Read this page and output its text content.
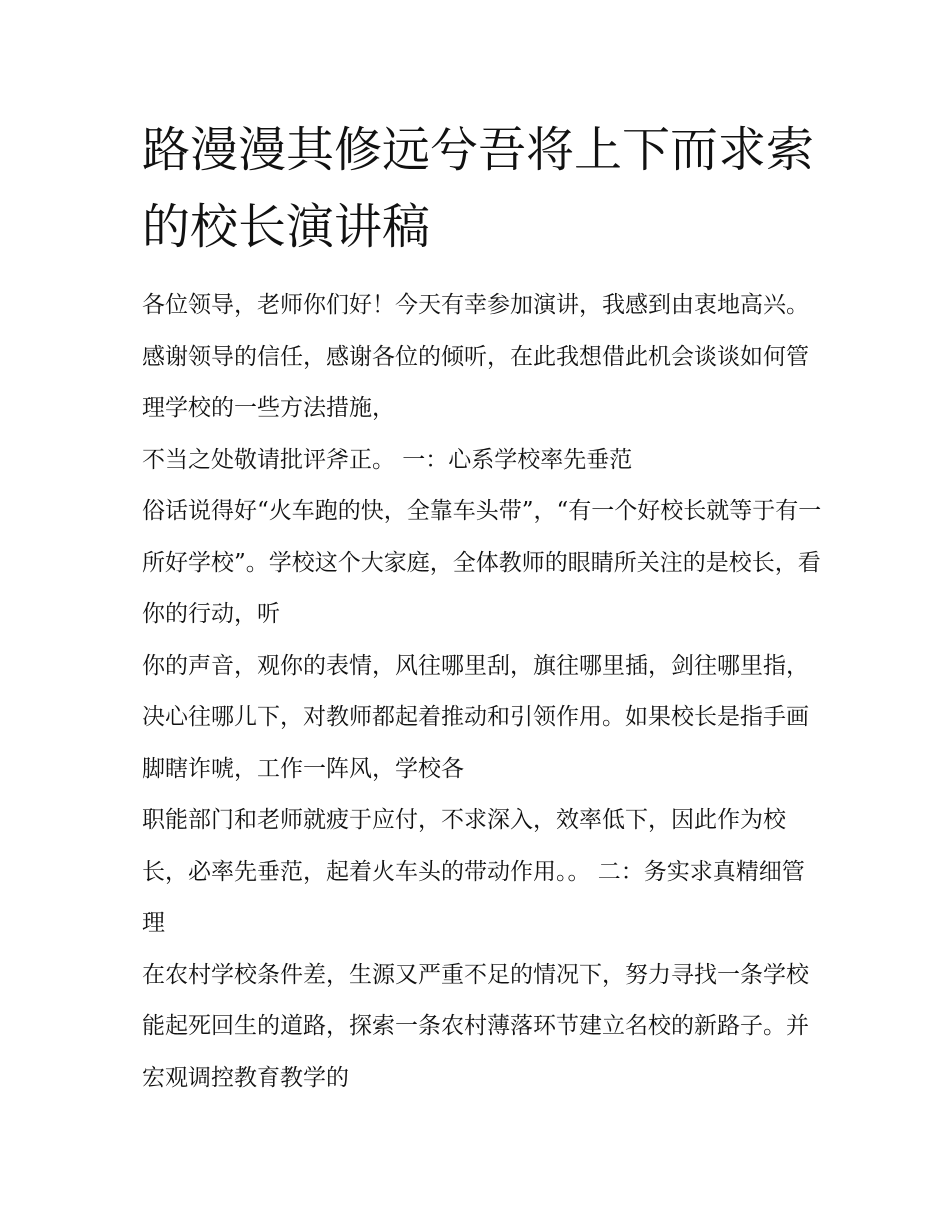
路漫漫其修远兮吾将上下而求索的校长演讲稿

各位领导，老师你们好！今天有幸参加演讲，我感到由衷地高兴。感谢领导的信任，感谢各位的倾听，在此我想借此机会谈谈如何管理学校的一些方法措施，

不当之处敬请批评斧正。 一：心系学校率先垂范

俗话说得好“火车跑的快，全靠车头带”，“有一个好校长就等于有一所好学校”。学校这个大家庭，全体教师的眼睛所关注的是校长，看你的行动，听

你的声音，观你的表情，风往哪里刮，旗往哪里插，剑往哪里指，决心往哪儿下，对教师都起着推动和引领作用。如果校长是指手画脚瞎诈唬，工作一阵风，学校各

职能部门和老师就疲于应付，不求深入，效率低下，因此作为校长，必率先垂范，起着火车头的带动作用。。 二：务实求真精细管理

在农村学校条件差，生源又严重不足的情况下，努力寻找一条学校能起死回生的道路，探索一条农村薄落环节建立名校的新路子。并宏观调控教育教学的
